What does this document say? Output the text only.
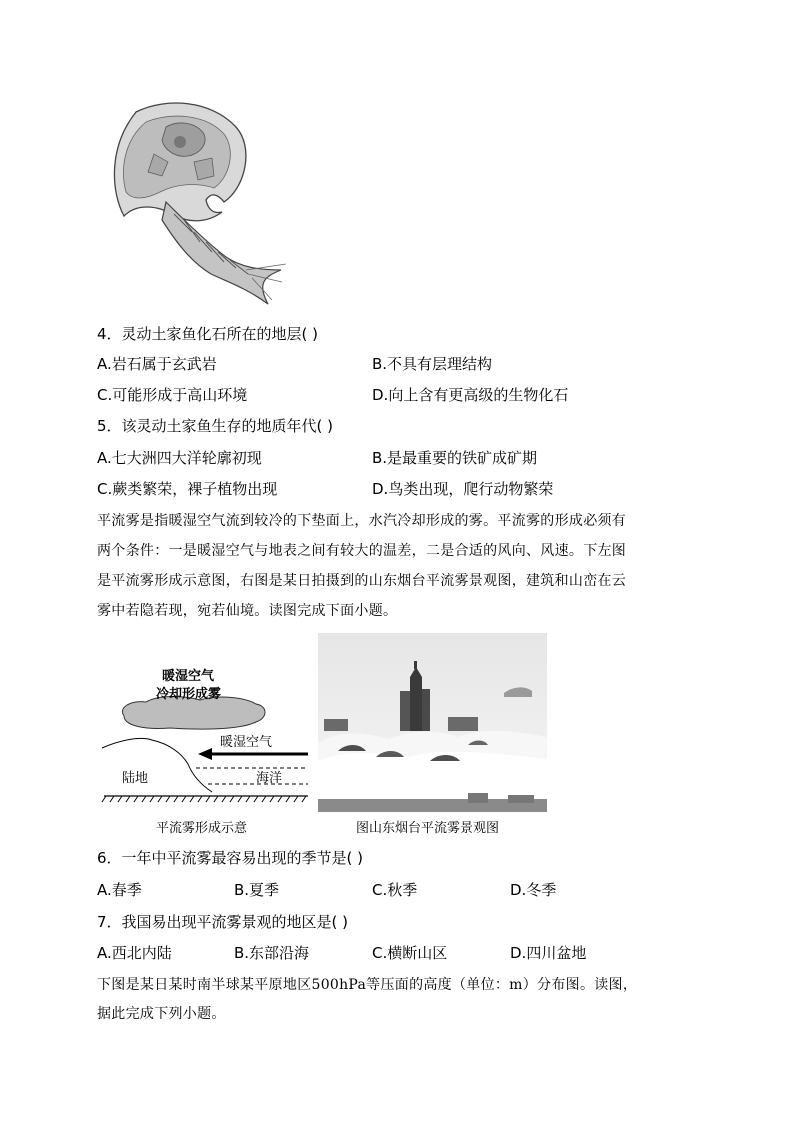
4．灵动土家鱼化石所在的地层( )
A.岩石属于玄武岩	B.不具有层理结构
C.可能形成于高山环境	D.向上含有更高级的生物化石
5．该灵动土家鱼生存的地质年代( )
A.七大洲四大洋轮廓初现	B.是最重要的铁矿成矿期
C.蕨类繁荣，裸子植物出现	D.鸟类出现，爬行动物繁荣
平流雾是指暖湿空气流到较冷的下垫面上，水汽冷却形成的雾。平流雾的形成必须有
两个条件：一是暖湿空气与地表之间有较大的温差，二是合适的风向、风速。下左图
是平流雾形成示意图，右图是某日拍摄到的山东烟台平流雾景观图，建筑和山峦在云
雾中若隐若现，宛若仙境。读图完成下面小题。
暖湿空气
冷却形成雾
暖湿空气
陆地	海洋
平流雾形成示意	图山东烟台平流雾景观图
6．一年中平流雾最容易出现的季节是( )
A.春季	B.夏季	C.秋季	D.冬季
7．我国易出现平流雾景观的地区是( )
A.西北内陆	B.东部沿海	C.横断山区	D.四川盆地
下图是某日某时南半球某平原地区500hPa等压面的高度（单位：m）分布图。读图，
据此完成下列小题。
